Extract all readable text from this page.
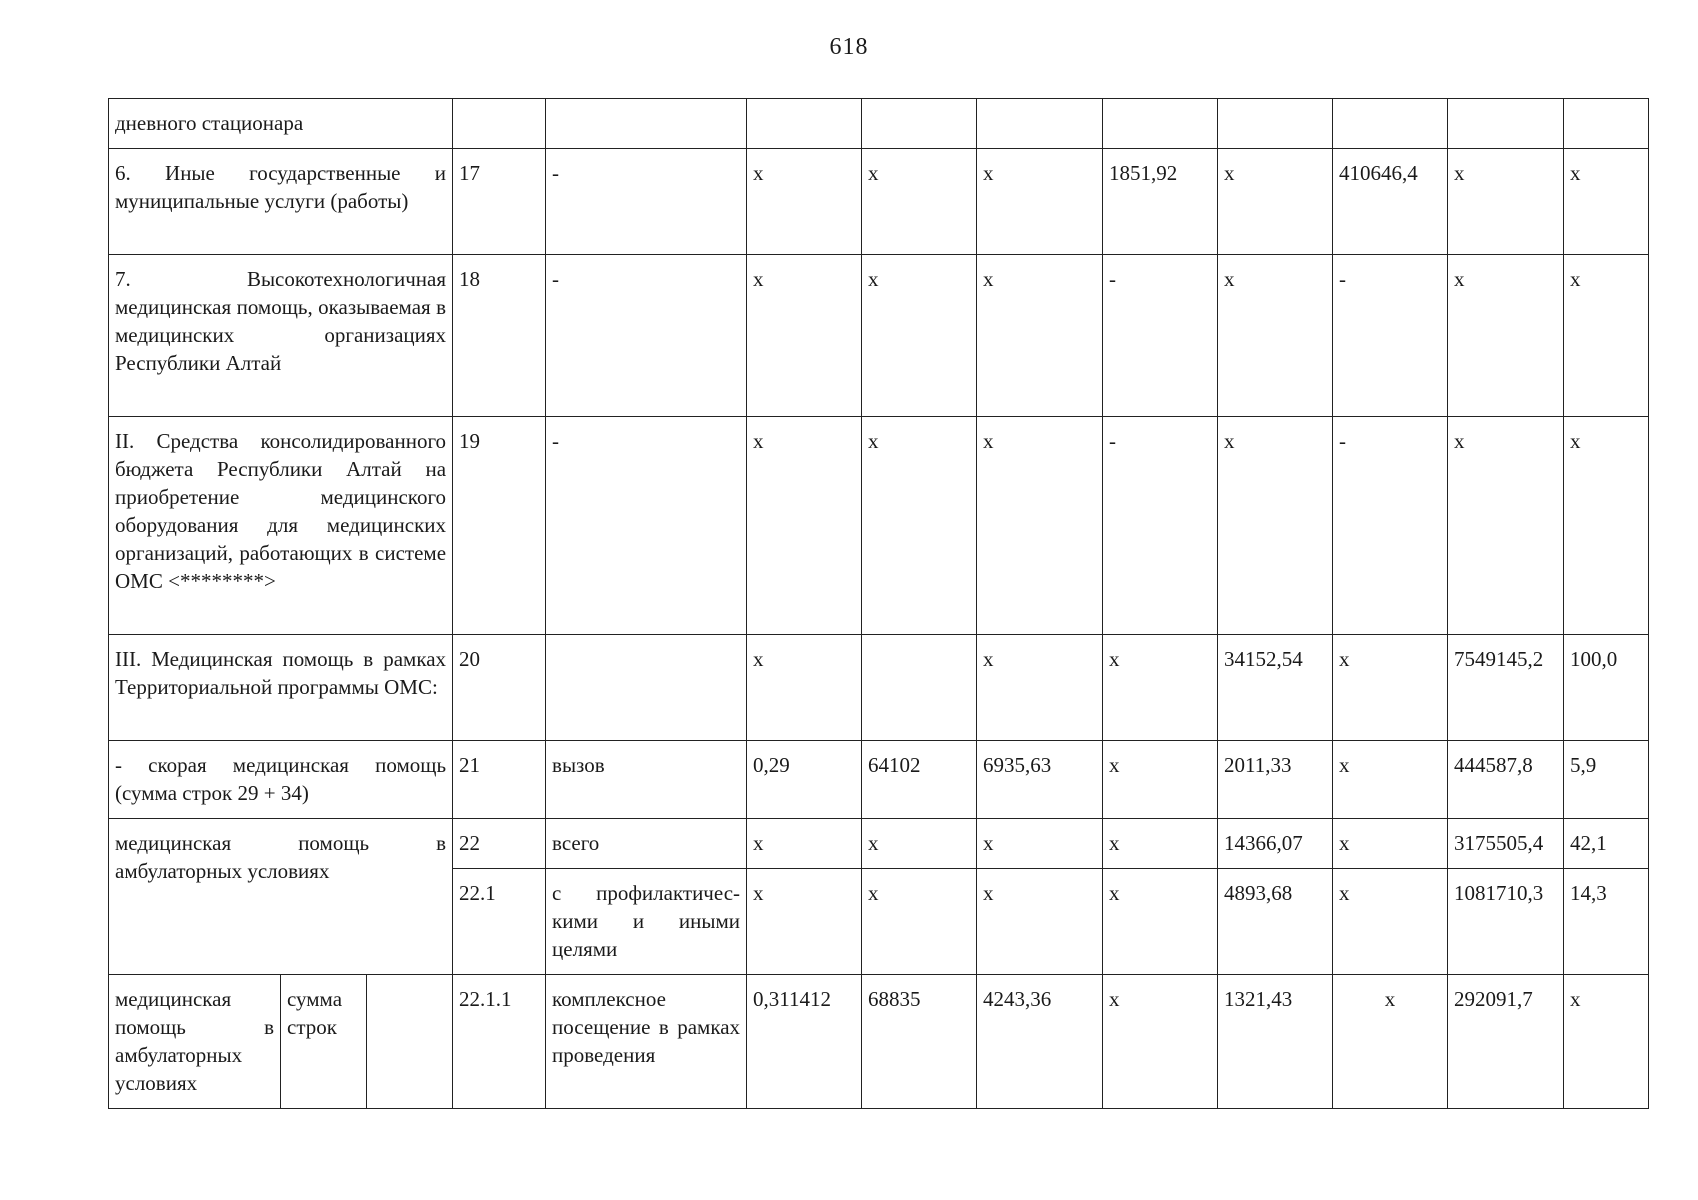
618
дневного стационара												
6. Иные государственные и муниципальные услуги (работы)			17	-	x	x	x	1851,92	x	410646,4	x	x
7. Высокотехнологичная медицинская помощь, оказываемая в медицинских организациях Республики Алтай			18	-	x	x	x	-	x	-	x	x
II. Средства консолидированного бюджета Республики Алтай на приобретение медицинского оборудования для медицинских организаций, работающих в системе ОМС <********>			19	-	x	x	x	-	x	-	x	x
III. Медицинская помощь в рамках Территориальной программы ОМС:			20		x		x	x	34152,54	x	7549145,2	100,0
- скорая медицинская помощь (сумма строк 29 + 34)			21	вызов	0,29	64102	6935,63	x	2011,33	x	444587,8	5,9
медицинская помощь в амбулаторных условиях			22	всего	x	x	x	x	14366,07	x	3175505,4	42,1
			22.1	с профилактичес-кими и иными целями	x	x	x	x	4893,68	x	1081710,3	14,3
медицинская помощь в амбулаторных условиях	сумма строк		22.1.1	комплексное посещение в рамках проведения	0,311412	68835	4243,36	x	1321,43	x	292091,7	x
